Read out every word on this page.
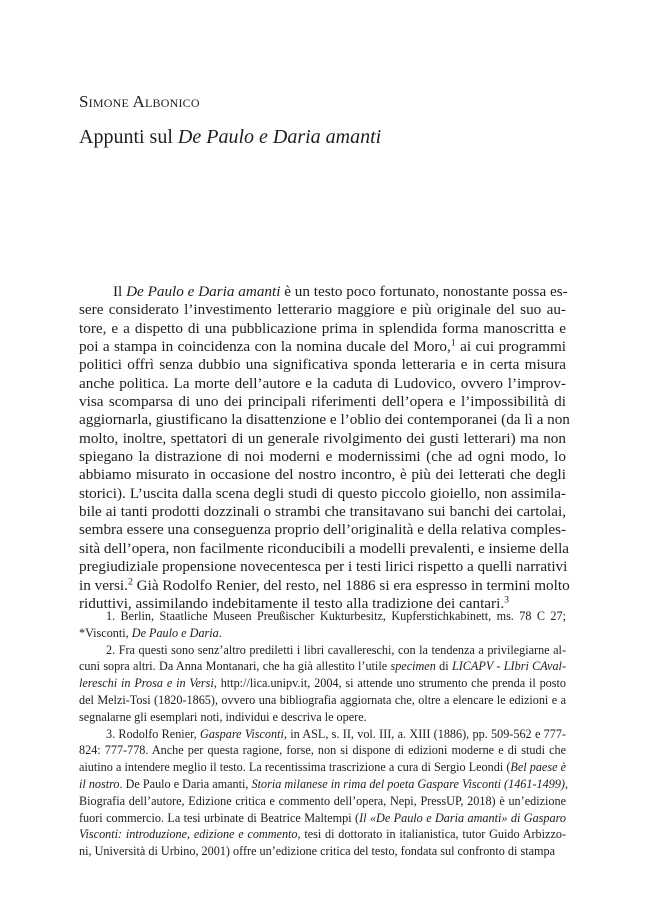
Simone Albonico
Appunti sul De Paulo e Daria amanti
Il De Paulo e Daria amanti è un testo poco fortunato, nonostante possa es-
sere considerato l’investimento letterario maggiore e più originale del suo au-
tore, e a dispetto di una pubblicazione prima in splendida forma manoscritta e
poi a stampa in coincidenza con la nomina ducale del Moro,$^1$ ai cui programmi
politici offrì senza dubbio una significativa sponda letteraria e in certa misura
anche politica. La morte dell’autore e la caduta di Ludovico, ovvero l’improv-
visa scomparsa di uno dei principali riferimenti dell’opera e l’impossibilità di
aggiornarla, giustificano la disattenzione e l’oblio dei contemporanei (da lì a non
molto, inoltre, spettatori di un generale rivolgimento dei gusti letterari) ma non
spiegano la distrazione di noi moderni e modernissimi (che ad ogni modo, lo
abbiamo misurato in occasione del nostro incontro, è più dei letterati che degli
storici). L’uscita dalla scena degli studi di questo piccolo gioiello, non assimila-
bile ai tanti prodotti dozzinali o strambi che transitavano sui banchi dei cartolai,
sembra essere una conseguenza proprio dell’originalità e della relativa comples-
sità dell’opera, non facilmente riconducibili a modelli prevalenti, e insieme della
pregiudiziale propensione novecentesca per i testi lirici rispetto a quelli narrativi
in versi.$^2$ Già Rodolfo Renier, del resto, nel 1886 si era espresso in termini molto
riduttivi, assimilando indebitamente il testo alla tradizione dei cantari.$^3$
1. Berlin, Staatliche Museen Preußischer Kukturbesitz, Kupferstichkabinett, ms. 78 C 27;
*Visconti, De Paulo e Daria.
2. Fra questi sono senz’altro prediletti i libri cavallereschi, con la tendenza a privilegiarne al-
cuni sopra altri. Da Anna Montanari, che ha già allestito l’utile specimen di LICAPV - LIbri CAval-
lereschi in Prosa e in Versi, http://lica.unipv.it, 2004, si attende uno strumento che prenda il posto
del Melzi-Tosi (1820-1865), ovvero una bibliografia aggiornata che, oltre a elencare le edizioni e a
segnalarne gli esemplari noti, individui e descriva le opere.
3. Rodolfo Renier, Gaspare Visconti, in ASL, s. II, vol. III, a. XIII (1886), pp. 509-562 e 777-
824: 777-778. Anche per questa ragione, forse, non si dispone di edizioni moderne e di studi che
aiutino a intendere meglio il testo. La recentissima trascrizione a cura di Sergio Leondi (Bel paese è
il nostro. De Paulo e Daria amanti, Storia milanese in rima del poeta Gaspare Visconti (1461-1499),
Biografia dell’autore, Edizione critica e commento dell’opera, Nepi, PressUP, 2018) è un’edizione
fuori commercio. La tesi urbinate di Beatrice Maltempi (Il «De Paulo e Daria amanti» di Gasparo
Visconti: introduzione, edizione e commento, tesi di dottorato in italianistica, tutor Guido Arbizzo-
ni, Università di Urbino, 2001) offre un’edizione critica del testo, fondata sul confronto di stampa
